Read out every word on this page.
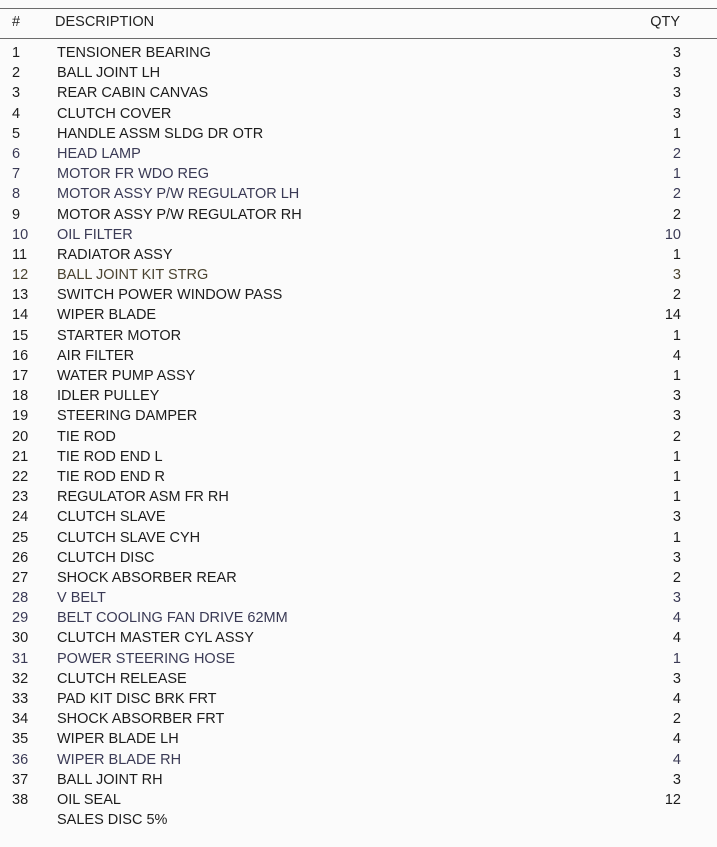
# DESCRIPTION	QTY
1	TENSIONER BEARING	3
2	BALL JOINT LH	3
3	REAR CABIN CANVAS	3
4	CLUTCH COVER	3
5	HANDLE ASSM SLDG DR OTR	1
6	HEAD LAMP	2
7	MOTOR FR WDO REG	1
8	MOTOR ASSY P/W REGULATOR LH	2
9	MOTOR ASSY P/W REGULATOR RH	2
10 OIL FILTER	10
11 RADIATOR ASSY	1
12 BALL JOINT KIT STRG	3
13 SWITCH POWER WINDOW PASS	2
14 WIPER BLADE	14
15 STARTER MOTOR	1
16 AIR FILTER	4
17 WATER PUMP ASSY	1
18 IDLER PULLEY	3
19 STEERING DAMPER	3
20 TIE ROD	2
21 TIE ROD END L	1
22 TIE ROD END R	1
23 REGULATOR ASM FR RH	1
24 CLUTCH SLAVE	3
25 CLUTCH SLAVE CYH	1
26 CLUTCH DISC	3
27 SHOCK ABSORBER REAR	2
28 V BELT	3
29 BELT COOLING FAN DRIVE 62MM	4
30 CLUTCH MASTER CYL ASSY	4
31 POWER STEERING HOSE	1
32 CLUTCH RELEASE	3
33 PAD KIT DISC BRK FRT	4
34 SHOCK ABSORBER FRT	2
35 WIPER BLADE LH	4
36 WIPER BLADE RH	4
37 BALL JOINT RH	3
38 OIL SEAL	12
SALES DISC 5%
